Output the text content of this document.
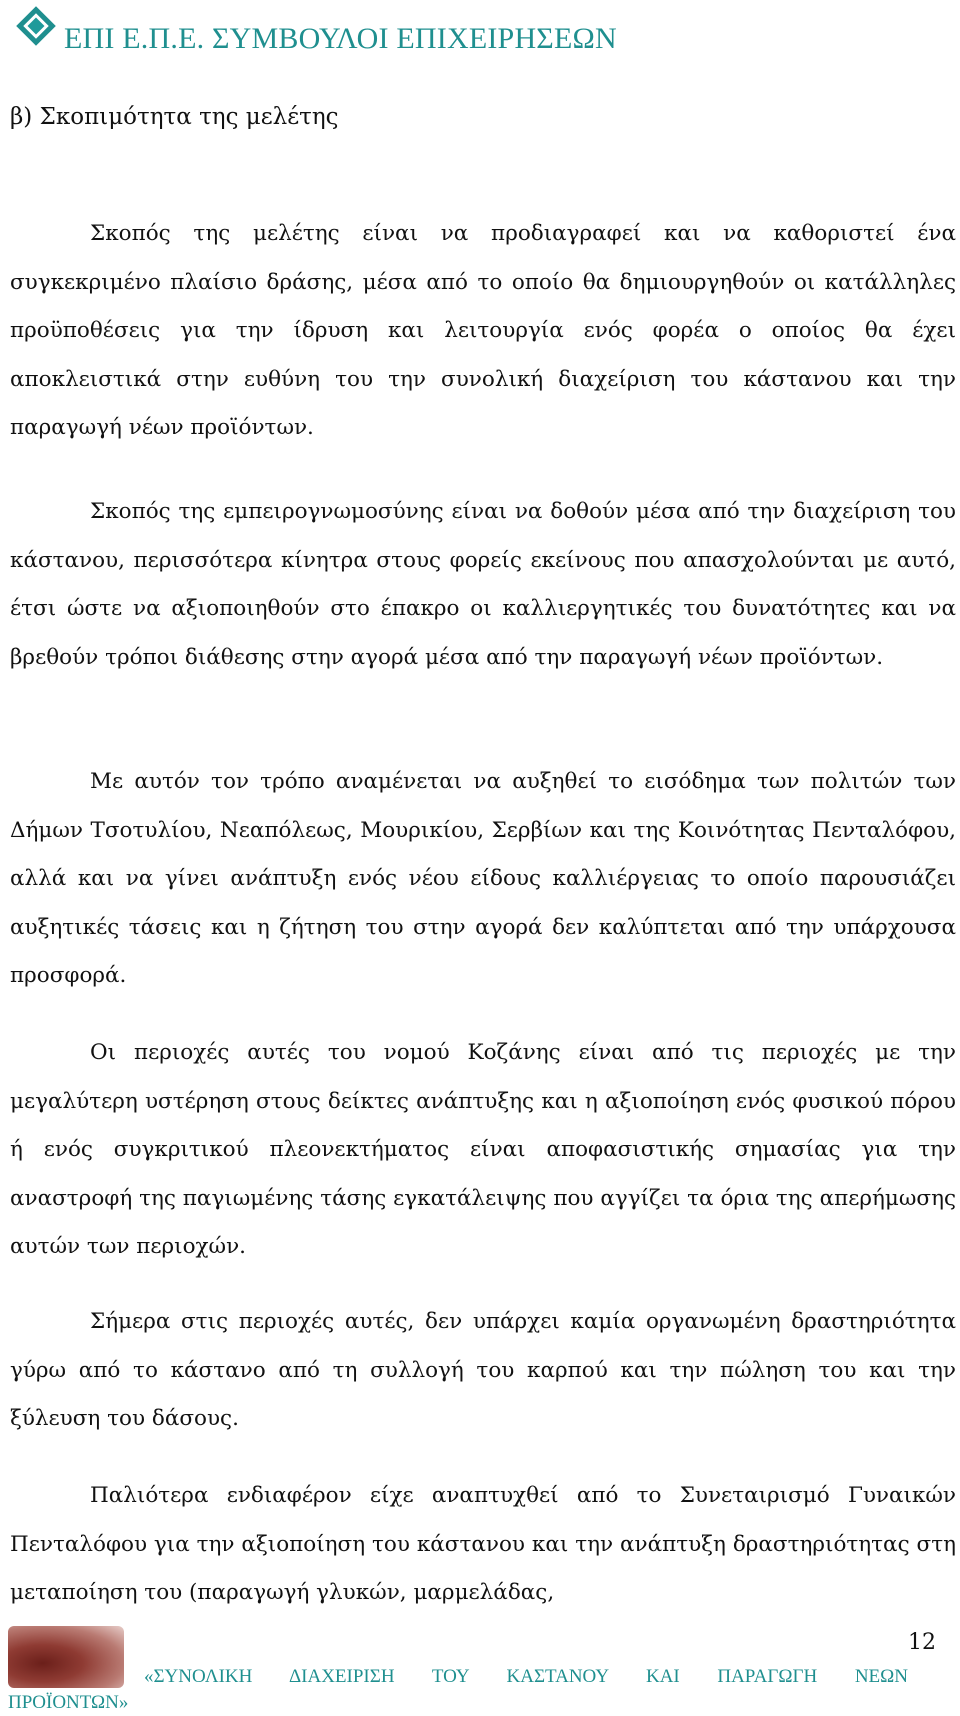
ΕΠΙ Ε.Π.Ε. ΣΥΜΒΟΥΛΟΙ ΕΠΙΧΕΙΡΗΣΕΩΝ
β) Σκοπιμότητα της μελέτης

Σκοπός της μελέτης είναι να προδιαγραφεί και να καθοριστεί ένα συγκεκριμένο πλαίσιο δράσης, μέσα από το οποίο θα δημιουργηθούν οι κατάλληλες προϋποθέσεις για την ίδρυση και λειτουργία ενός φορέα ο οποίος θα έχει αποκλειστικά στην ευθύνη του την συνολική διαχείριση του κάστανου και την παραγωγή νέων προϊόντων.

Σκοπός της εμπειρογνωμοσύνης είναι να δοθούν μέσα από την διαχείριση του κάστανου, περισσότερα κίνητρα στους φορείς εκείνους που απασχολούνται με αυτό, έτσι ώστε να αξιοποιηθούν στο έπακρο οι καλλιεργητικές του δυνατότητες και να βρεθούν τρόποι διάθεσης στην αγορά μέσα από την παραγωγή νέων προϊόντων.

Με αυτόν τον τρόπο αναμένεται να αυξηθεί το εισόδημα των πολιτών των Δήμων Τσοτυλίου, Νεαπόλεως, Μουρικίου, Σερβίων και της Κοινότητας Πενταλόφου, αλλά και να γίνει ανάπτυξη ενός νέου είδους καλλιέργειας το οποίο παρουσιάζει αυξητικές τάσεις και η ζήτηση του στην αγορά δεν καλύπτεται από την υπάρχουσα προσφορά.

Οι περιοχές αυτές του νομού Κοζάνης είναι από τις περιοχές με την μεγαλύτερη υστέρηση στους δείκτες ανάπτυξης και η αξιοποίηση ενός φυσικού πόρου ή ενός συγκριτικού πλεονεκτήματος είναι αποφασιστικής σημασίας για την αναστροφή της παγιωμένης τάσης εγκατάλειψης που αγγίζει τα όρια της απερήμωσης αυτών των περιοχών.

Σήμερα στις περιοχές αυτές, δεν υπάρχει καμία οργανωμένη δραστηριότητα γύρω από το κάστανο από τη συλλογή του καρπού και την πώληση του και την ξύλευση του δάσους.

Παλιότερα ενδιαφέρον είχε αναπτυχθεί από το Συνεταιρισμό Γυναικών Πενταλόφου για την αξιοποίηση του κάστανου και την ανάπτυξη δραστηριότητας στη μεταποίηση του (παραγωγή γλυκών, μαρμελάδας,

12
«ΣΥΝΟΛΙΚΗ ΔΙΑΧΕΙΡΙΣΗ ΤΟΥ ΚΑΣΤΑΝΟΥ ΚΑΙ ΠΑΡΑΓΩΓΗ ΝΕΩΝ ΠΡΟΪΟΝΤΩΝ»
